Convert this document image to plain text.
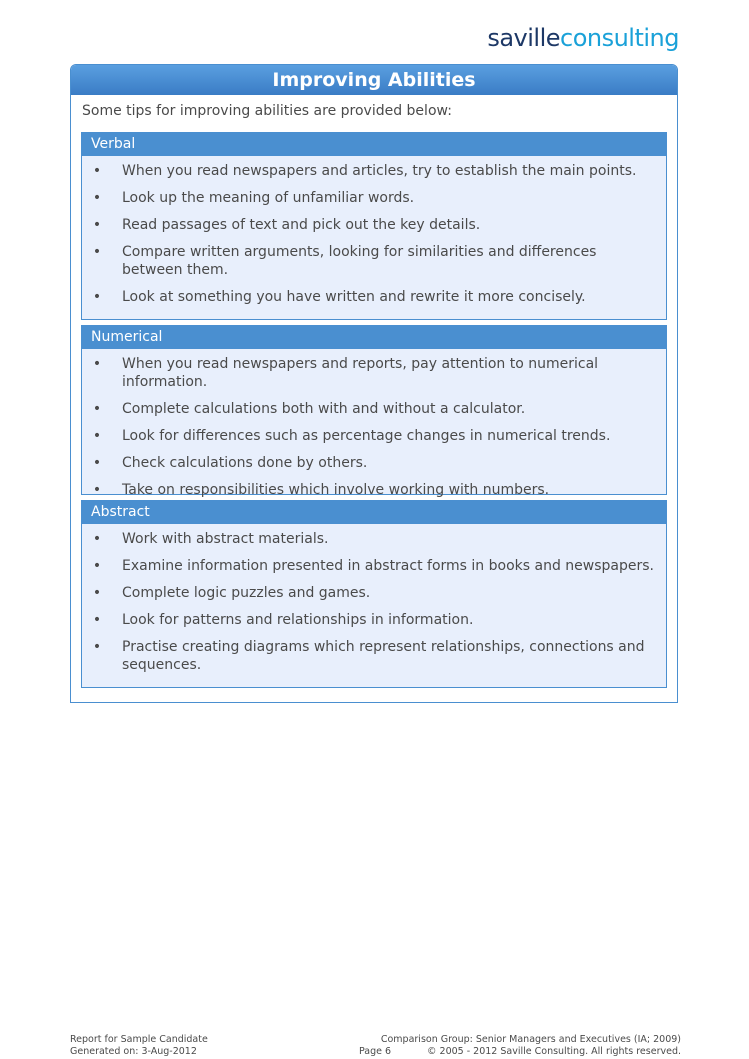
savilleconsulting
Improving Abilities
Some tips for improving abilities are provided below:
Verbal
• When you read newspapers and articles, try to establish the main points.
• Look up the meaning of unfamiliar words.
• Read passages of text and pick out the key details.
• Compare written arguments, looking for similarities and differences between them.
• Look at something you have written and rewrite it more concisely.
Numerical
• When you read newspapers and reports, pay attention to numerical information.
• Complete calculations both with and without a calculator.
• Look for differences such as percentage changes in numerical trends.
• Check calculations done by others.
• Take on responsibilities which involve working with numbers.
Abstract
• Work with abstract materials.
• Examine information presented in abstract forms in books and newspapers.
• Complete logic puzzles and games.
• Look for patterns and relationships in information.
• Practise creating diagrams which represent relationships, connections and sequences.
Report for Sample Candidate
Generated on: 3-Aug-2012	Page 6
Comparison Group: Senior Managers and Executives (IA; 2009)
© 2005 - 2012 Saville Consulting. All rights reserved.
